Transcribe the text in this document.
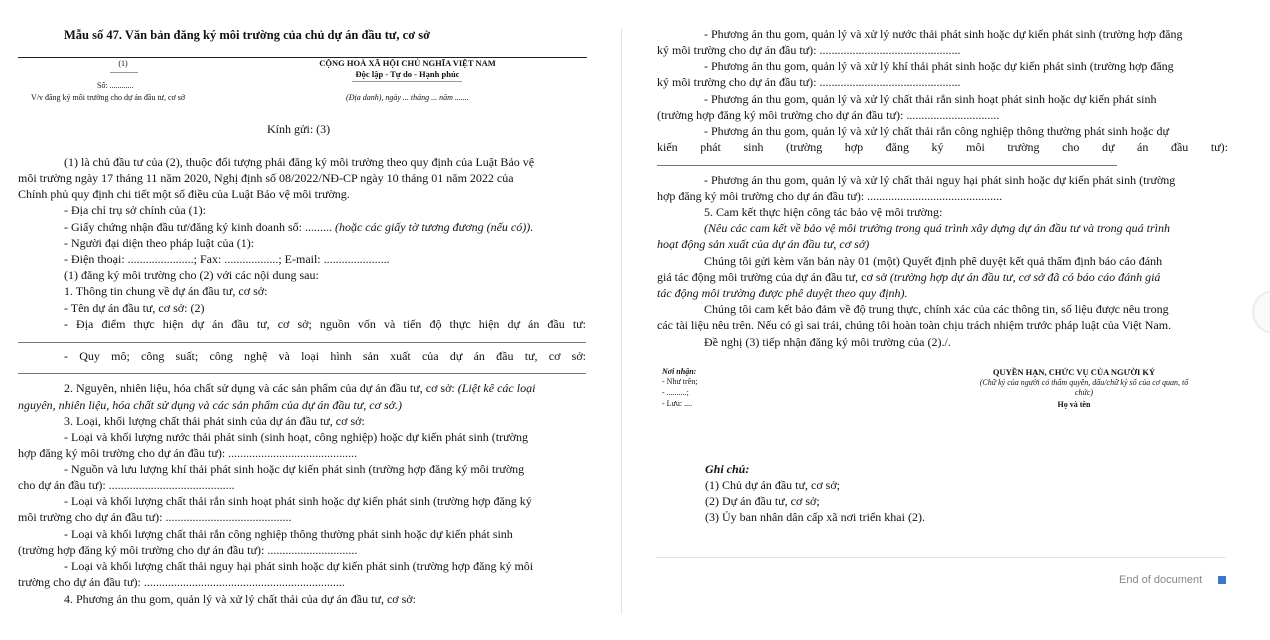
Mẫu số 47. Văn bản đăng ký môi trường của chủ dự án đầu tư, cơ sở
(1)
Số: ............
V/v đăng ký môi trường cho dự án đầu tư, cơ sở
CỘNG HOÀ XÃ HỘI CHỦ NGHĨA VIỆT NAM
Độc lập - Tự do - Hạnh phúc
(Địa danh), ngày ... tháng ... năm .......
Kính gửi: (3)
(1) là chủ đầu tư của (2), thuộc đối tượng phải đăng ký môi trường theo quy định của Luật Bảo vệ
môi trường ngày 17 tháng 11 năm 2020, Nghị định số 08/2022/NĐ-CP ngày 10 tháng 01 năm 2022 của
Chính phủ quy định chi tiết một số điều của Luật Bảo vệ môi trường.
- Địa chỉ trụ sở chính của (1):
- Giấy chứng nhận đầu tư/đăng ký kinh doanh số: ......... (hoặc các giấy tờ tương đương (nếu có)).
- Người đại diện theo pháp luật của (1):
- Điện thoại: ......................; Fax: ..................; E-mail: ......................
(1) đăng ký môi trường cho (2) với các nội dung sau:
1. Thông tin chung về dự án đầu tư, cơ sở:
- Tên dự án đầu tư, cơ sở: (2)
- Địa điểm thực hiện dự án đầu tư, cơ sở; nguồn vốn và tiến độ thực hiện dự án đầu tư:
- Quy mô; công suất; công nghệ và loại hình sản xuất của dự án đầu tư, cơ sở:
2. Nguyên, nhiên liệu, hóa chất sử dụng và các sản phẩm của dự án đầu tư, cơ sở: (Liệt kê các loại
nguyên, nhiên liệu, hóa chất sử dụng và các sản phẩm của dự án đầu tư, cơ sở.)
3. Loại, khối lượng chất thải phát sinh của dự án đầu tư, cơ sở:
- Loại và khối lượng nước thải phát sinh (sinh hoạt, công nghiệp) hoặc dự kiến phát sinh (trường
hợp đăng ký môi trường cho dự án đầu tư): ...........................................
- Nguồn và lưu lượng khí thải phát sinh hoặc dự kiến phát sinh (trường hợp đăng ký môi trường
cho dự án đầu tư): ..........................................
- Loại và khối lượng chất thải rắn sinh hoạt phát sinh hoặc dự kiến phát sinh (trường hợp đăng ký
môi trường cho dự án đầu tư): ..........................................
- Loại và khối lượng chất thải rắn công nghiệp thông thường phát sinh hoặc dự kiến phát sinh
(trường hợp đăng ký môi trường cho dự án đầu tư): ..............................
- Loại và khối lượng chất thải nguy hại phát sinh hoặc dự kiến phát sinh (trường hợp đăng ký môi
trường cho dự án đầu tư): ...................................................................
4. Phương án thu gom, quản lý và xử lý chất thải của dự án đầu tư, cơ sở:
- Phương án thu gom, quản lý và xử lý nước thải phát sinh hoặc dự kiến phát sinh (trường hợp đăng
ký môi trường cho dự án đầu tư): ...............................................
- Phương án thu gom, quản lý và xử lý khí thải phát sinh hoặc dự kiến phát sinh (trường hợp đăng
ký môi trường cho dự án đầu tư): ...............................................
- Phương án thu gom, quản lý và xử lý chất thải rắn sinh hoạt phát sinh hoặc dự kiến phát sinh
(trường hợp đăng ký môi trường cho dự án đầu tư): ...............................
- Phương án thu gom, quản lý và xử lý chất thải rắn công nghiệp thông thường phát sinh hoặc dự
kiến phát sinh (trường hợp đăng ký môi trường cho dự án đầu tư):
- Phương án thu gom, quản lý và xử lý chất thải nguy hại phát sinh hoặc dự kiến phát sinh (trường
hợp đăng ký môi trường cho dự án đầu tư): .............................................
5. Cam kết thực hiện công tác bảo vệ môi trường:
(Nêu các cam kết về bảo vệ môi trường trong quá trình xây dựng dự án đầu tư và trong quá trình
hoạt động sản xuất của dự án đầu tư, cơ sở)
Chúng tôi gửi kèm văn bản này 01 (một) Quyết định phê duyệt kết quả thẩm định báo cáo đánh
giá tác động môi trường của dự án đầu tư, cơ sở (trường hợp dự án đầu tư, cơ sở đã có báo cáo đánh giá
tác động môi trường được phê duyệt theo quy định).
Chúng tôi cam kết bảo đảm về độ trung thực, chính xác của các thông tin, số liệu được nêu trong
các tài liệu nêu trên. Nếu có gì sai trái, chúng tôi hoàn toàn chịu trách nhiệm trước pháp luật của Việt Nam.
Đề nghị (3) tiếp nhận đăng ký môi trường của (2)./.
Nơi nhận:
- Như trên;
- ..........;
- Lưu: ....
QUYỀN HẠN, CHỨC VỤ CỦA NGƯỜI KÝ
(Chữ ký của người có thẩm quyền, dấu/chữ ký số của cơ quan, tổ
chức)
Họ và tên
Ghi chú:
(1) Chủ dự án đầu tư, cơ sở;
(2) Dự án đầu tư, cơ sở;
(3) Ủy ban nhân dân cấp xã nơi triển khai (2).
End of document
